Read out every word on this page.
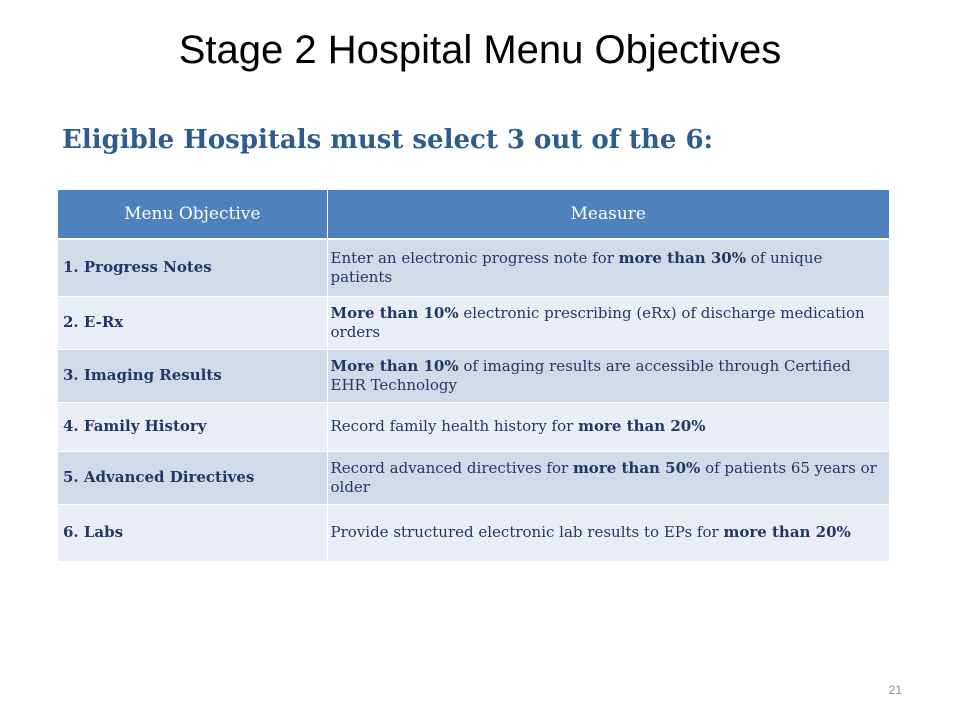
Stage 2 Hospital Menu Objectives
Eligible Hospitals must select 3 out of the 6:
Menu Objective	Measure
1. Progress Notes	Enter an electronic progress note for more than 30% of unique patients
2. E-Rx	More than 10% electronic prescribing (eRx) of discharge medication orders
3. Imaging Results	More than 10% of imaging results are accessible through Certified EHR Technology
4. Family History	Record family health history for more than 20%
5. Advanced Directives	Record advanced directives for more than 50% of patients 65 years or older
6. Labs	Provide structured electronic lab results to EPs for more than 20%
21
